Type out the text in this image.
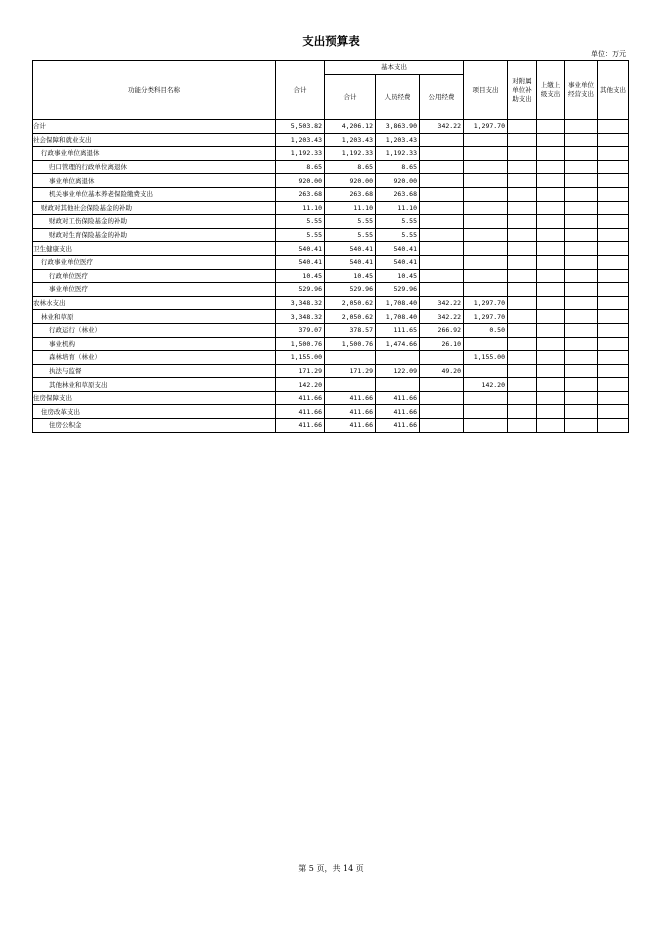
支出预算表
单位：万元
功能分类科目名称	合计	基本支出			项目支出	对附属单位补助支出	上缴上级支出	事业单位经营支出	其他支出
		合计	人员经费	公用经费					
合计	5,503.82	4,206.12	3,863.90	342.22	1,297.70				
社会保障和就业支出	1,203.43	1,203.43	1,203.43						
行政事业单位离退休	1,192.33	1,192.33	1,192.33						
归口管理的行政单位离退休	8.65	8.65	8.65						
事业单位离退休	920.00	920.00	920.00						
机关事业单位基本养老保险缴费支出	263.68	263.68	263.68						
财政对其他社会保险基金的补助	11.10	11.10	11.10						
财政对工伤保险基金的补助	5.55	5.55	5.55						
财政对生育保险基金的补助	5.55	5.55	5.55						
卫生健康支出	540.41	540.41	540.41						
行政事业单位医疗	540.41	540.41	540.41						
行政单位医疗	10.45	10.45	10.45						
事业单位医疗	529.96	529.96	529.96						
农林水支出	3,348.32	2,050.62	1,708.40	342.22	1,297.70				
林业和草原	3,348.32	2,050.62	1,708.40	342.22	1,297.70				
行政运行（林业）	379.07	378.57	111.65	266.92	0.50				
事业机构	1,500.76	1,500.76	1,474.66	26.10					
森林培育（林业）	1,155.00				1,155.00				
执法与监督	171.29	171.29	122.09	49.20					
其他林业和草原支出	142.20				142.20				
住房保障支出	411.66	411.66	411.66						
住房改革支出	411.66	411.66	411.66						
住房公积金	411.66	411.66	411.66						
第 5 页，共 14 页
